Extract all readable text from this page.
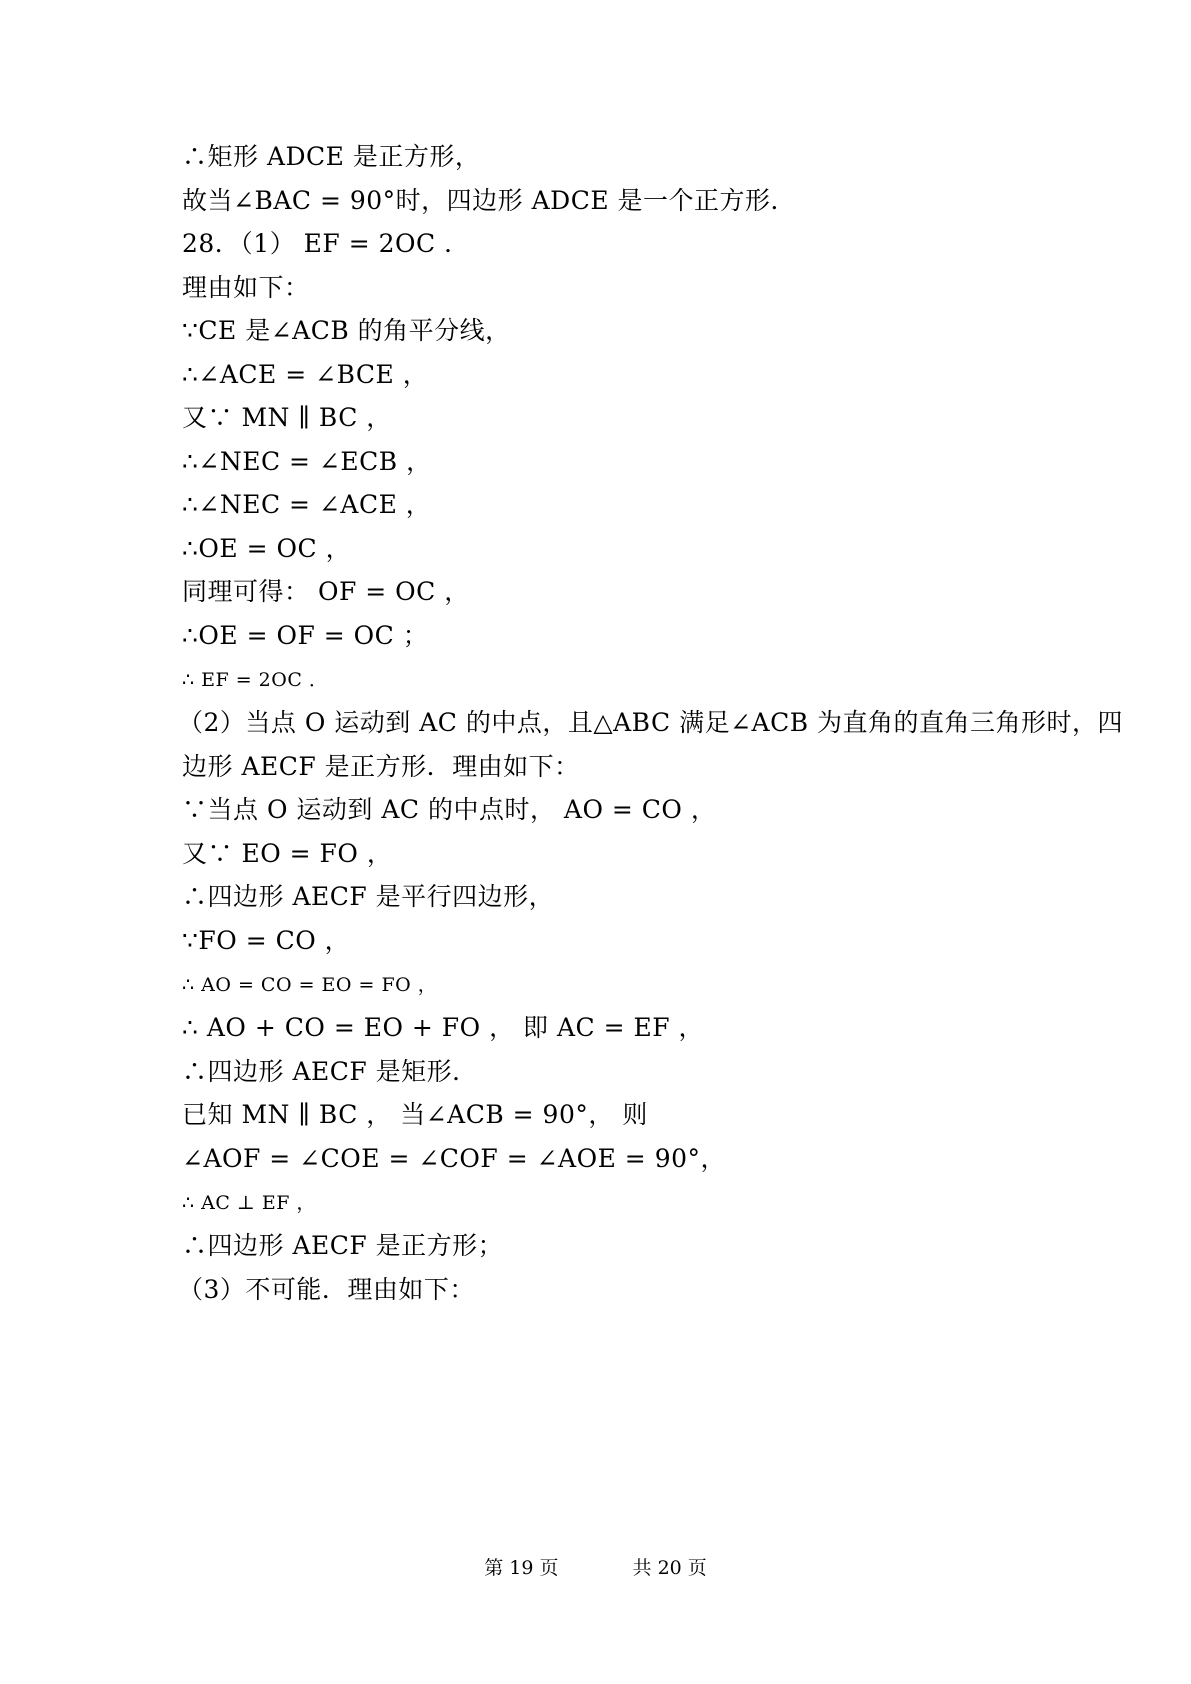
∴矩形 ADCE 是正方形，
故当∠BAC = 90°时，四边形 ADCE 是一个正方形．
28．（1） EF = 2OC ．
理由如下：
∵CE 是∠ACB 的角平分线，
∴∠ACE = ∠BCE ，
又∵ MN ∥ BC ，
∴∠NEC = ∠ECB ，
∴∠NEC = ∠ACE ，
∴OE = OC ，
同理可得： OF = OC ，
∴OE = OF = OC ；
∴ EF = 2OC ．
（2）当点 O 运动到 AC 的中点，且△ABC 满足∠ACB 为直角的直角三角形时，四
边形 AECF 是正方形．理由如下：
∵当点 O 运动到 AC 的中点时， AO = CO ，
又∵ EO = FO ，
∴四边形 AECF 是平行四边形，
∵FO = CO ，
∴ AO = CO = EO = FO ，
∴ AO + CO = EO + FO ， 即 AC = EF ，
∴四边形 AECF 是矩形．
已知 MN ∥ BC ， 当∠ACB = 90°， 则
∠AOF = ∠COE = ∠COF = ∠AOE = 90°，
∴ AC ⊥ EF ，
∴四边形 AECF 是正方形；
（3）不可能．理由如下：
第 19 页	共 20 页
